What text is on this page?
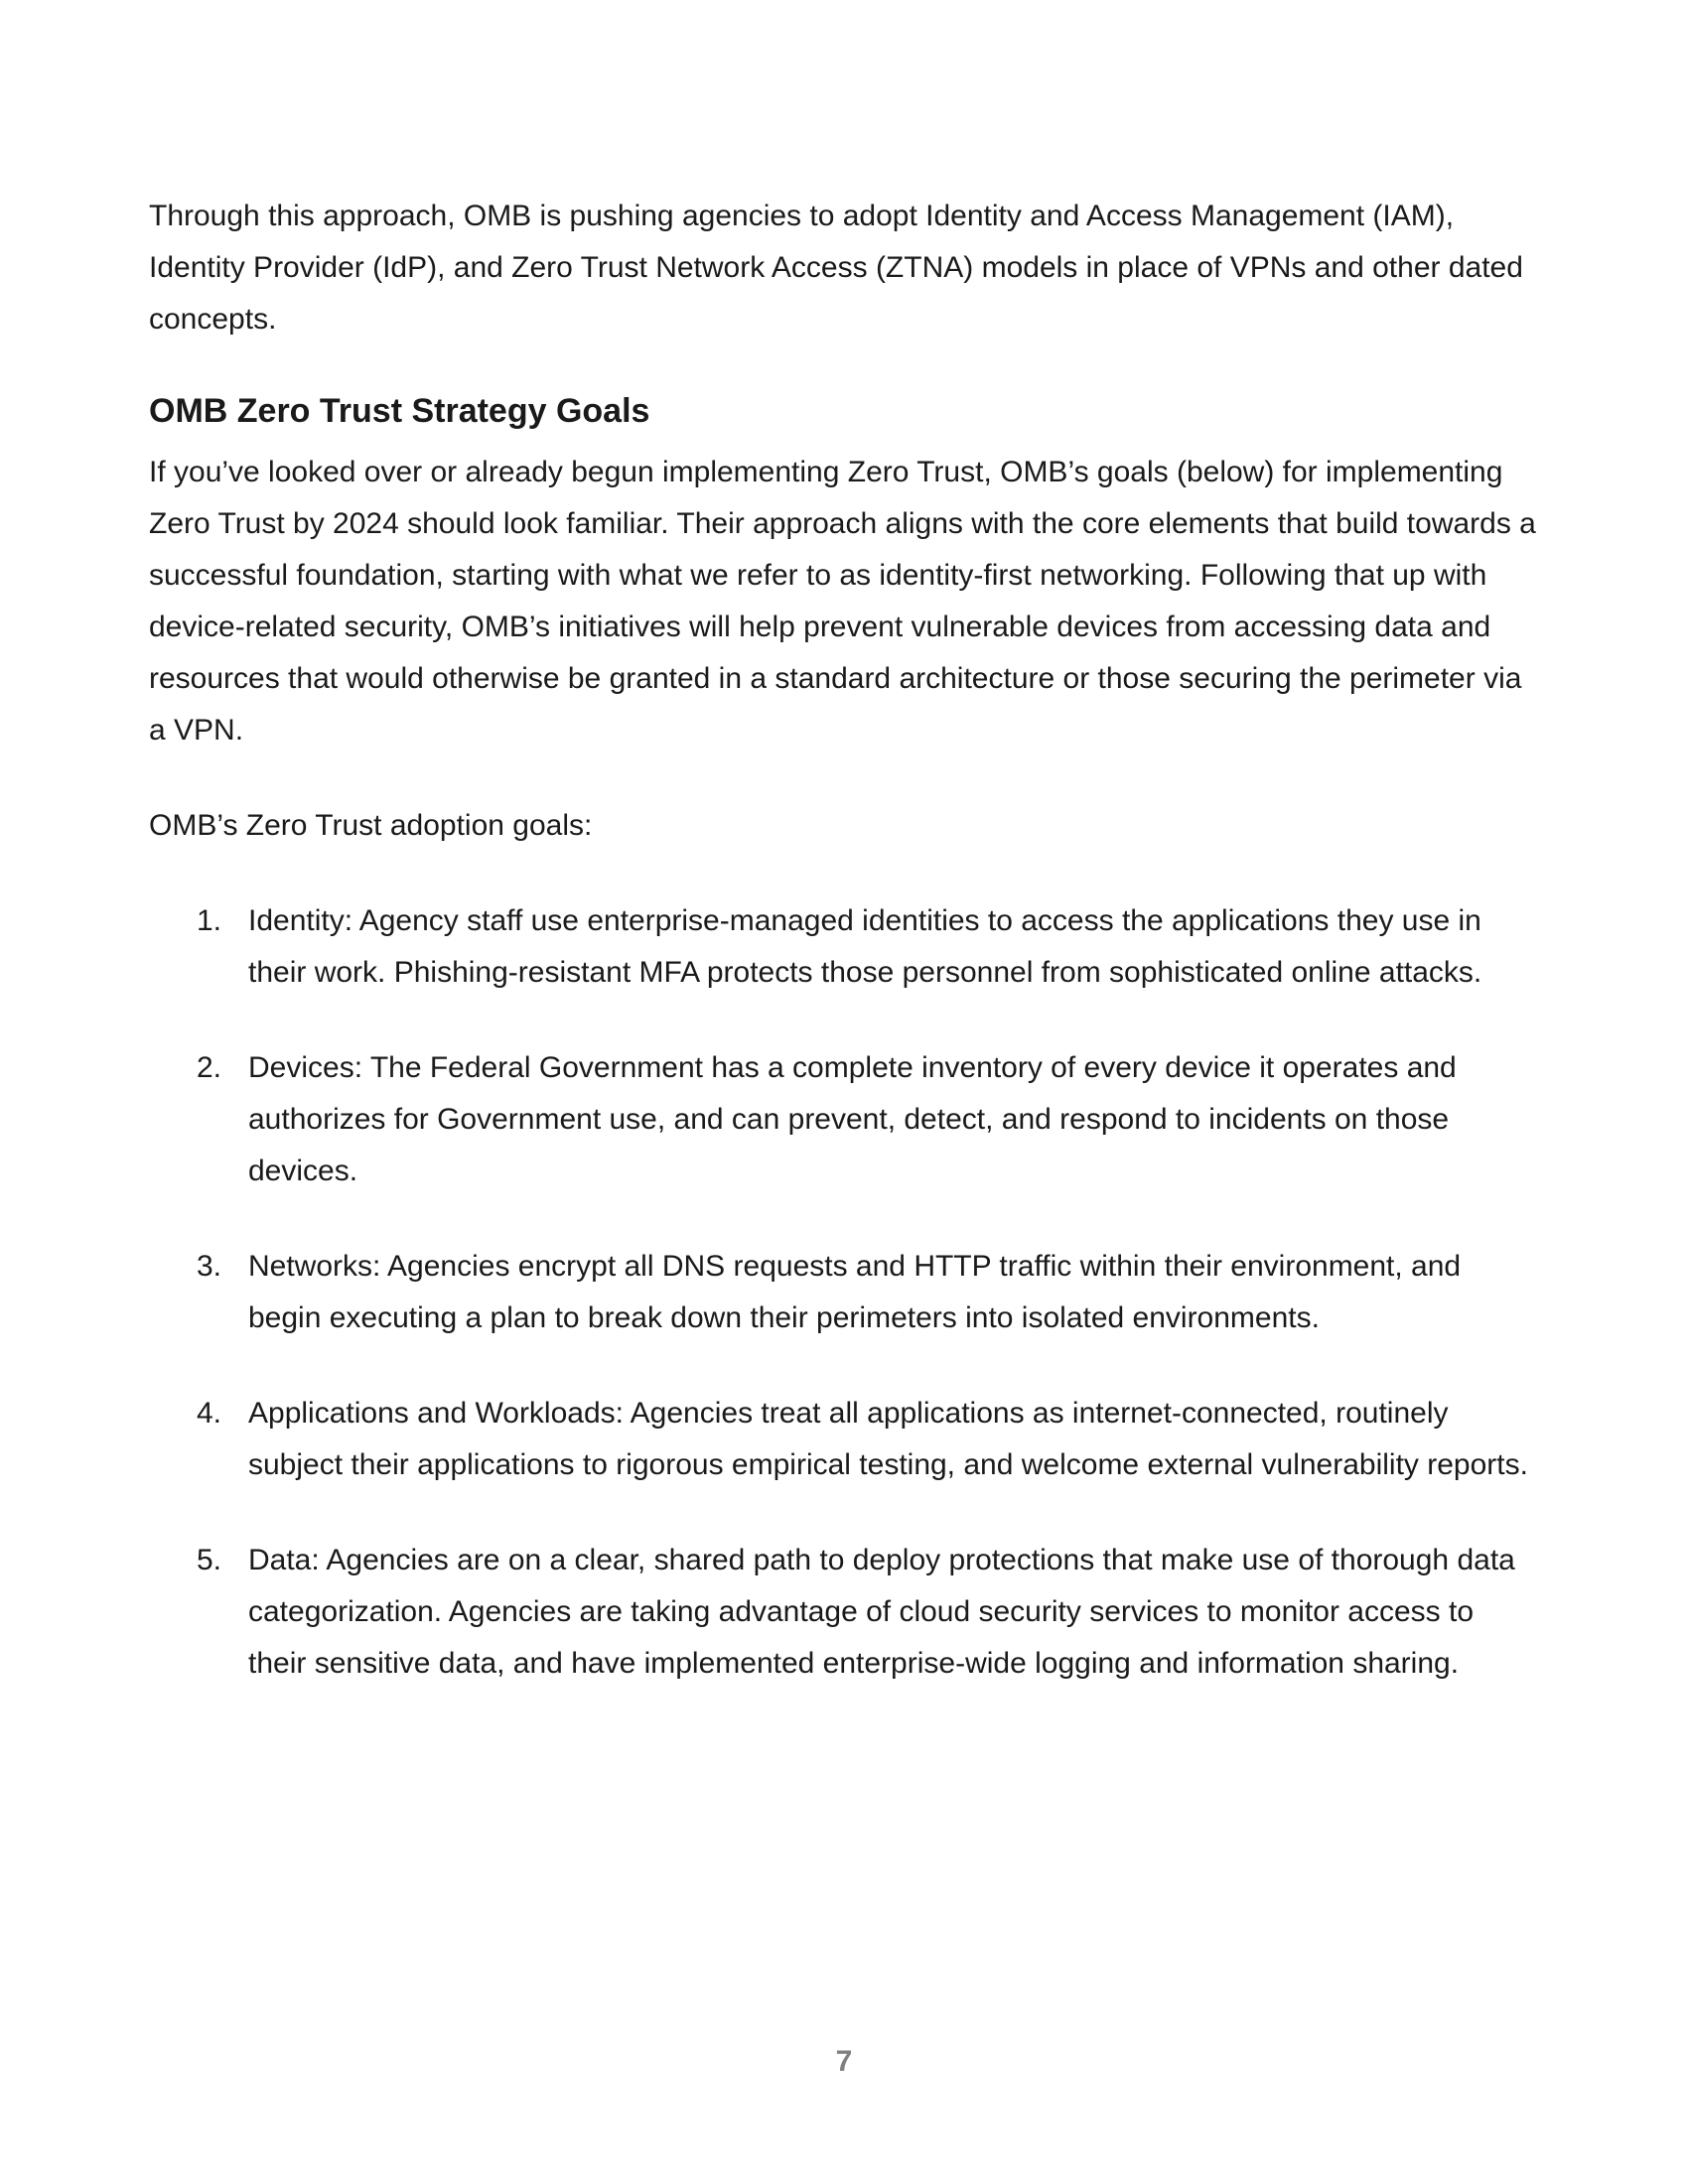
Through this approach, OMB is pushing agencies to adopt Identity and Access Management (IAM), Identity Provider (IdP), and Zero Trust Network Access (ZTNA) models in place of VPNs and other dated concepts.

OMB Zero Trust Strategy Goals

If you’ve looked over or already begun implementing Zero Trust, OMB’s goals (below) for implementing Zero Trust by 2024 should look familiar. Their approach aligns with the core elements that build towards a successful foundation, starting with what we refer to as identity-first networking. Following that up with device-related security, OMB’s initiatives will help prevent vulnerable devices from accessing data and resources that would otherwise be granted in a standard architecture or those securing the perimeter via a VPN.

OMB’s Zero Trust adoption goals:

1. Identity: Agency staff use enterprise-managed identities to access the applications they use in their work. Phishing-resistant MFA protects those personnel from sophisticated online attacks.
2. Devices: The Federal Government has a complete inventory of every device it operates and authorizes for Government use, and can prevent, detect, and respond to incidents on those devices.
3. Networks: Agencies encrypt all DNS requests and HTTP traffic within their environment, and begin executing a plan to break down their perimeters into isolated environments.
4. Applications and Workloads: Agencies treat all applications as internet-connected, routinely subject their applications to rigorous empirical testing, and welcome external vulnerability reports.
5. Data: Agencies are on a clear, shared path to deploy protections that make use of thorough data categorization. Agencies are taking advantage of cloud security services to monitor access to their sensitive data, and have implemented enterprise-wide logging and information sharing.
7
